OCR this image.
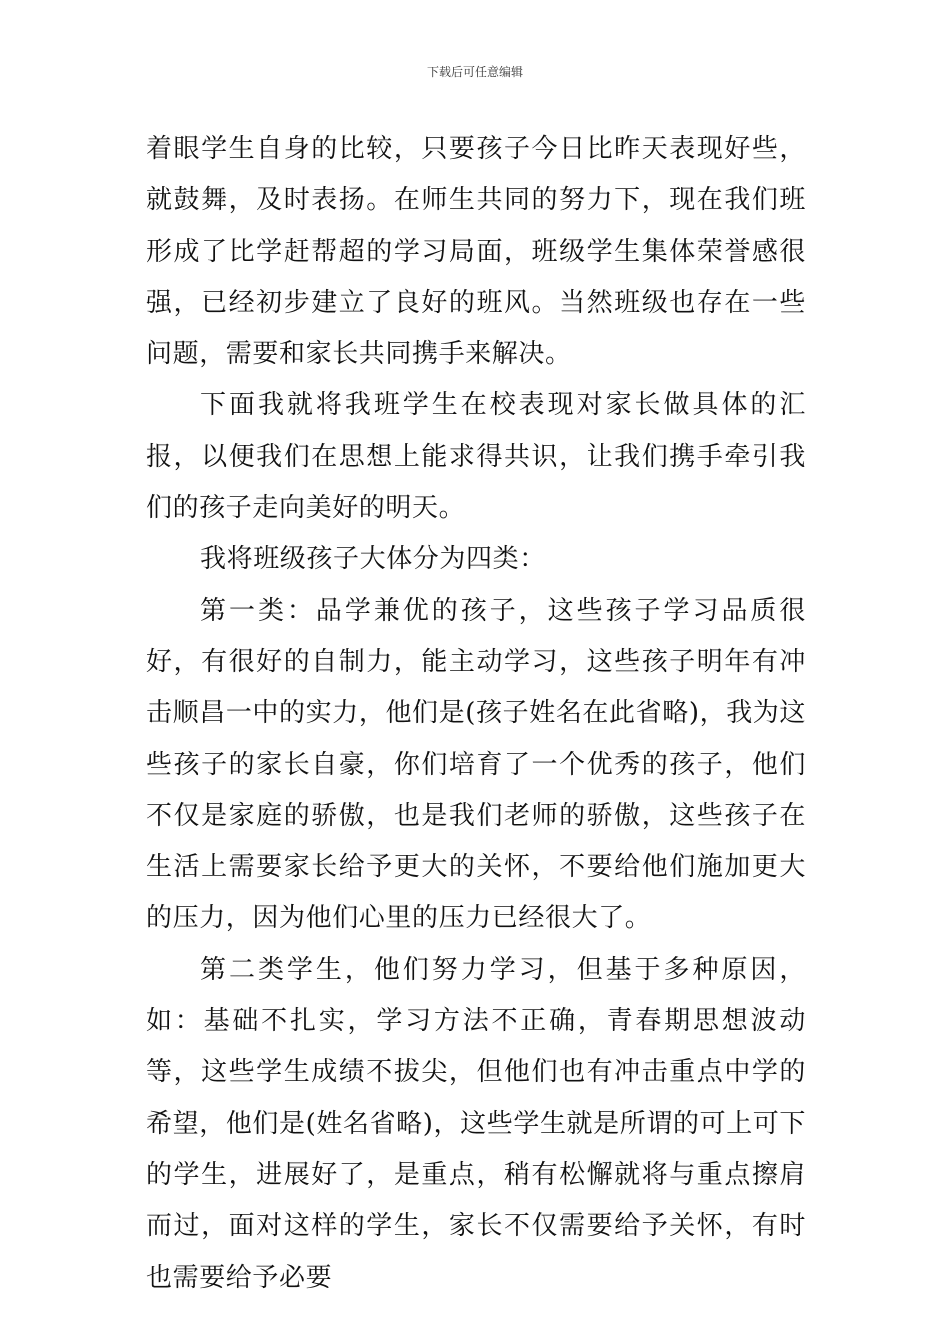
下载后可任意编辑

着眼学生自身的比较，只要孩子今日比昨天表现好些，就鼓舞，及时表扬。在师生共同的努力下，现在我们班形成了比学赶帮超的学习局面，班级学生集体荣誉感很强，已经初步建立了良好的班风。当然班级也存在一些问题，需要和家长共同携手来解决。

下面我就将我班学生在校表现对家长做具体的汇报，以便我们在思想上能求得共识，让我们携手牵引我们的孩子走向美好的明天。

我将班级孩子大体分为四类：

第一类：品学兼优的孩子，这些孩子学习品质很好，有很好的自制力，能主动学习，这些孩子明年有冲击顺昌一中的实力，他们是(孩子姓名在此省略)，我为这些孩子的家长自豪，你们培育了一个优秀的孩子，他们不仅是家庭的骄傲，也是我们老师的骄傲，这些孩子在生活上需要家长给予更大的关怀，不要给他们施加更大的压力，因为他们心里的压力已经很大了。

第二类学生，他们努力学习，但基于多种原因，如：基础不扎实，学习方法不正确，青春期思想波动等，这些学生成绩不拔尖，但他们也有冲击重点中学的希望，他们是(姓名省略)，这些学生就是所谓的可上可下的学生，进展好了，是重点，稍有松懈就将与重点擦肩而过，面对这样的学生，家长不仅需要给予关怀，有时也需要给予必要
